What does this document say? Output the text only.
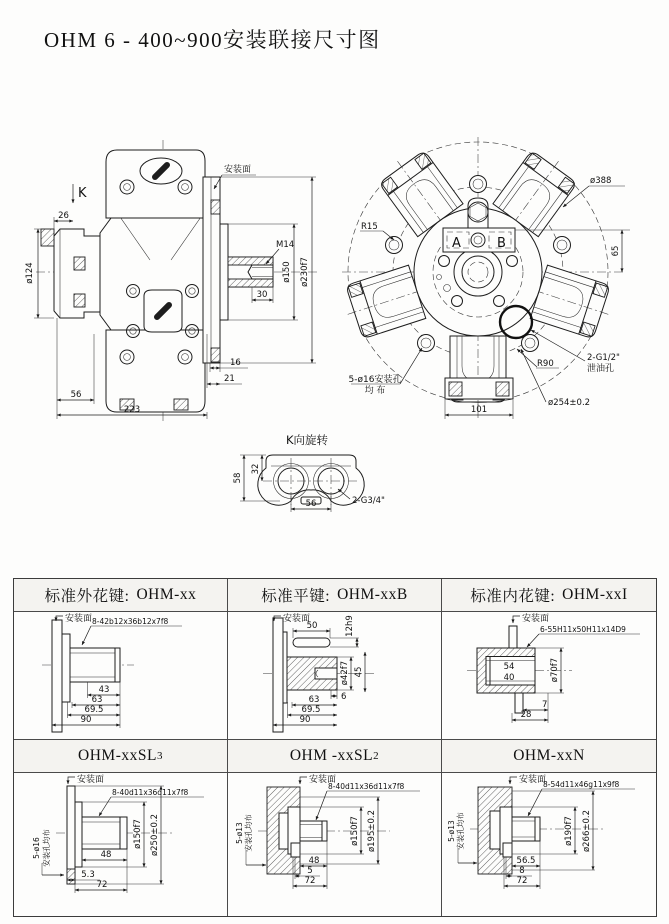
OHM 6 - 400~900安装联接尺寸图
K
26
ø124
安装面
M14
ø150 ø230f7
30
16
21
56
223
A	B
ø388
R15
65
R90
2-G1/2"
泄油孔
ø254±0.2
5-ø16安装孔
均 布
101
K向旋转
58
32
56	2-G3/4"
标准外花键: OHM-xx
安装面 8-42b12x36b12x7f8
43
63
69.5
90
标准平键: OHM-xxB
安装面
50	12h9
ø42f7 45
6
63
69.5
90
标准内花键: OHM-xxI
安装面
6-55H11x50H11x14D9
54
40	ø70f7
7
28
OHM-xxSL 3
安装面
8-40d11x36d11x7f8
5-ø16 安装孔均布	48
5.3
72
ø150f7 ø250±0.2
OHM -xxSL 2
安装面
8-40d11x36d11x7f8
5-ø13 安装孔均布
48
5
72
ø150f7 ø195±0.2
OHM-xxN
安装面
8-54d11x46g11x9f8
5-ø13 安装孔均布
56.5
8
72
ø190f7 ø266±0.2
